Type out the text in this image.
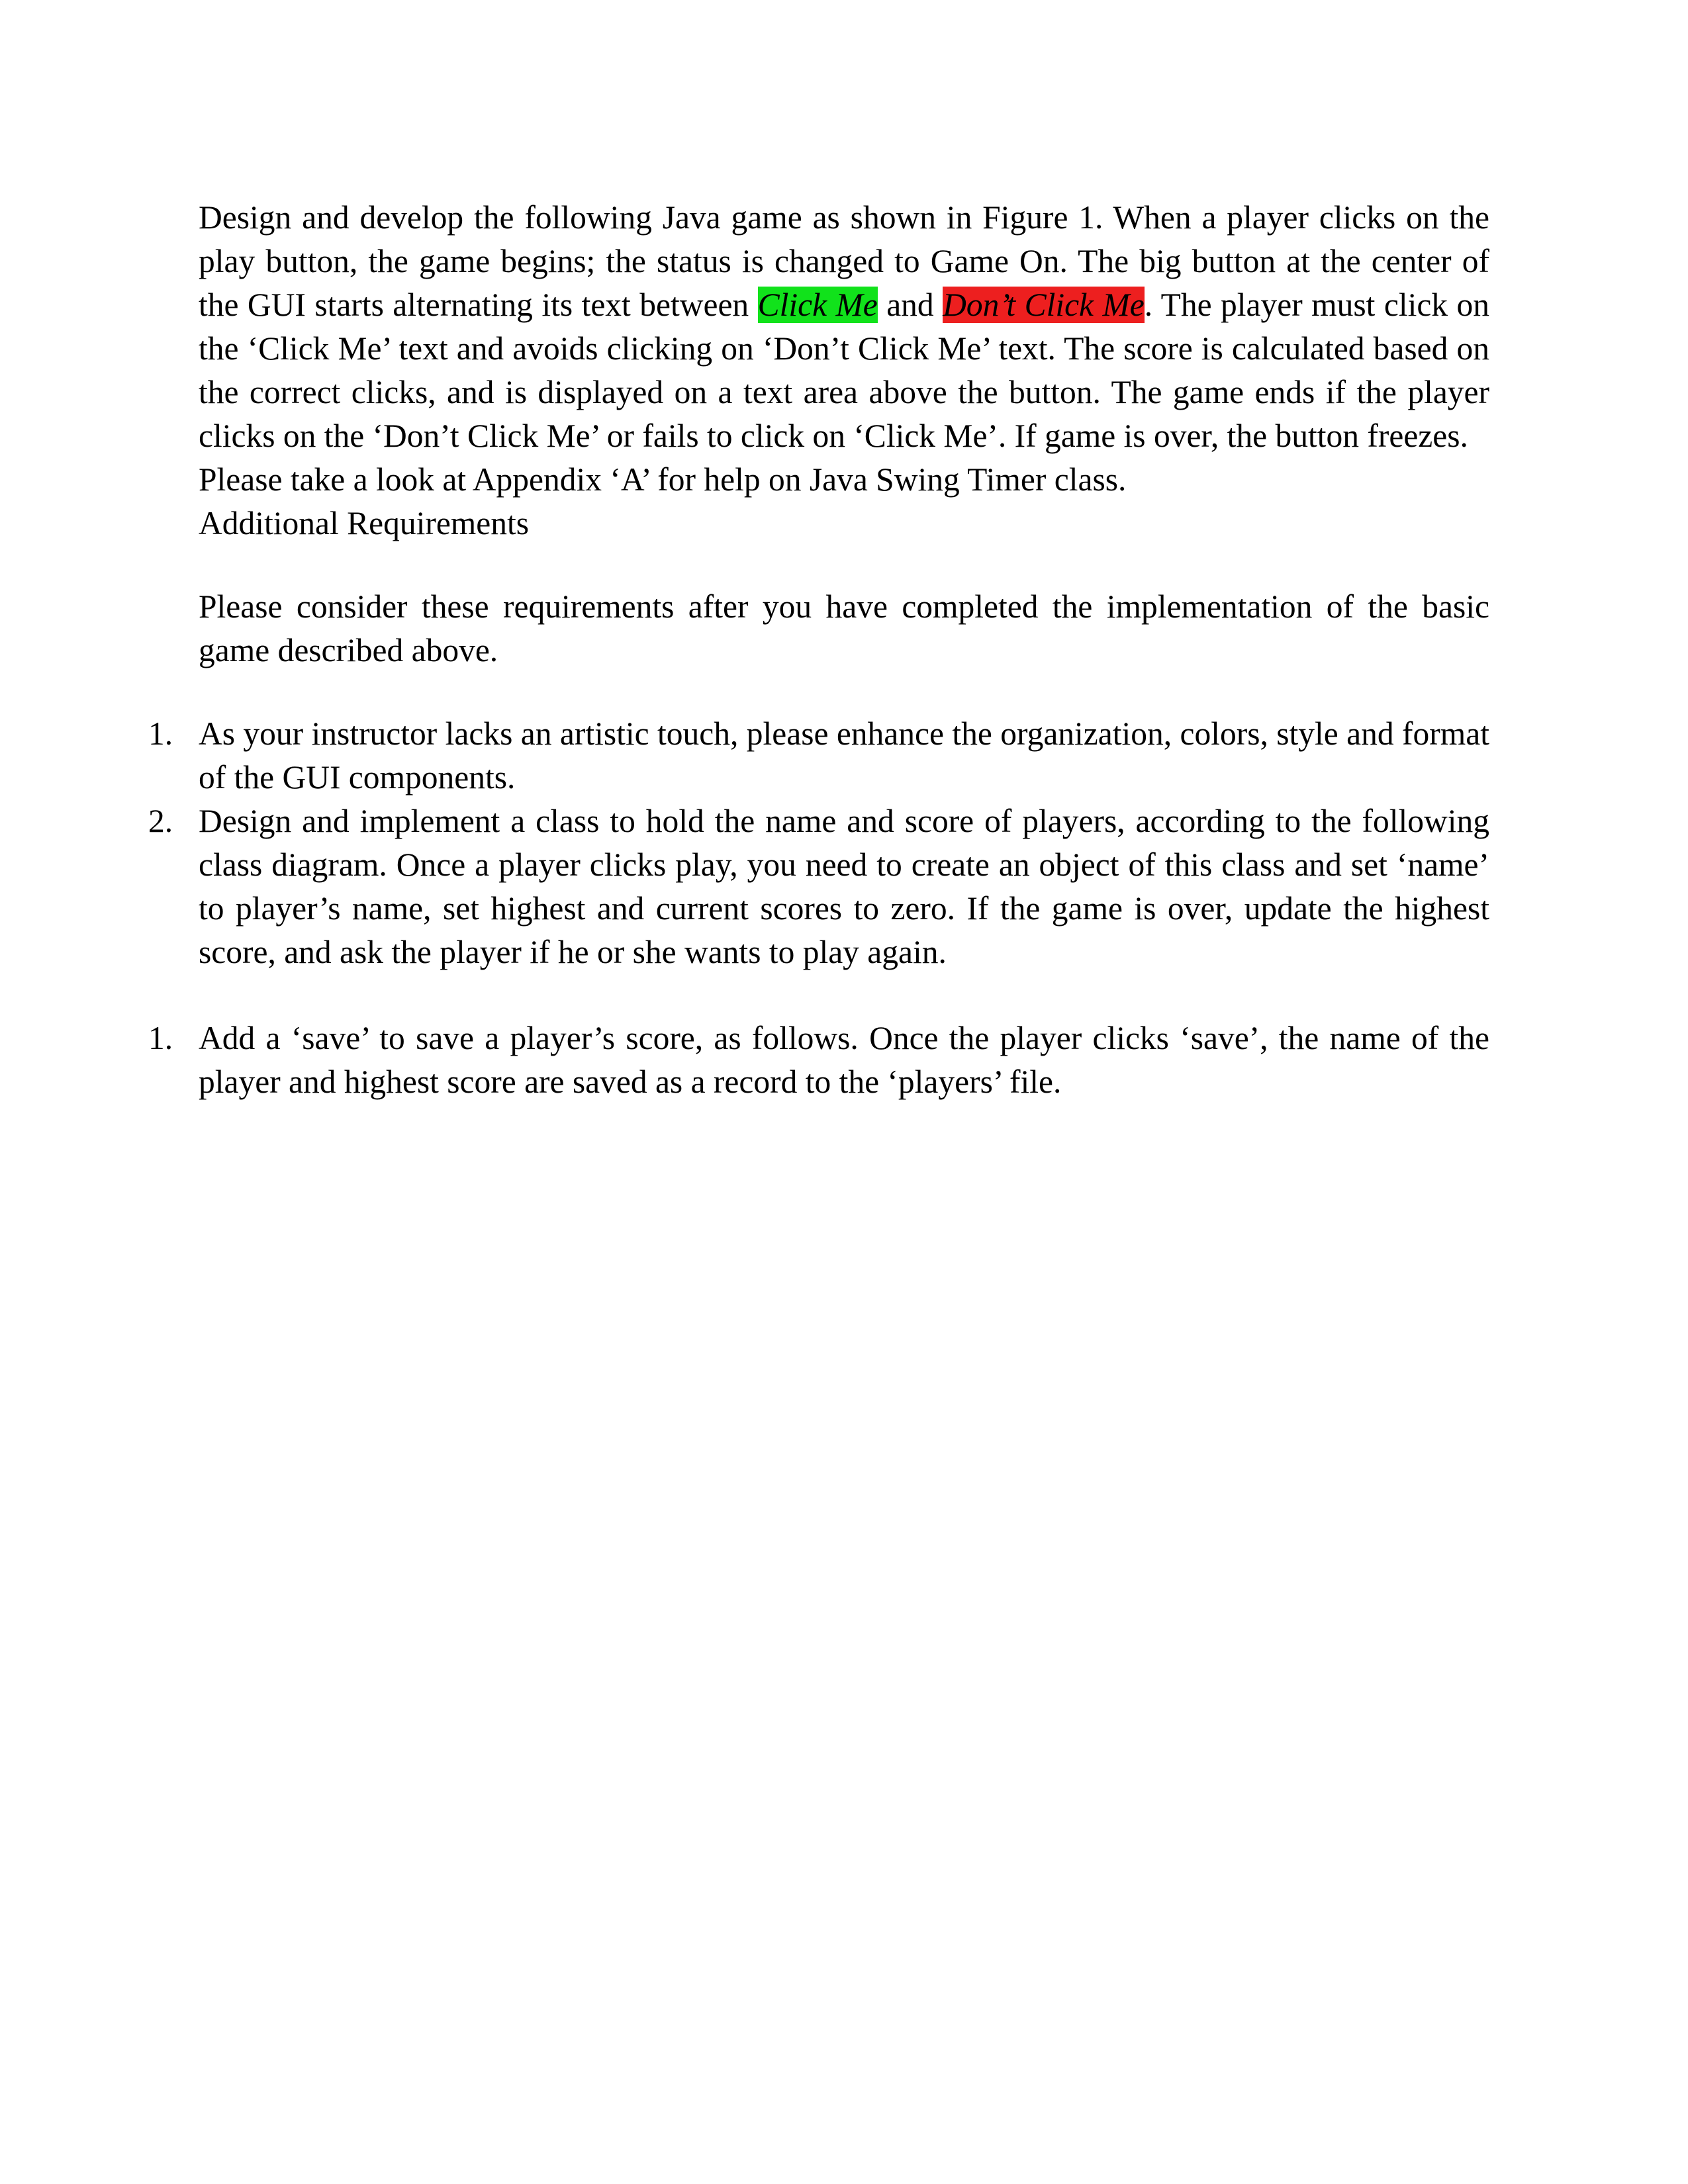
Design and develop the following Java game as shown in Figure 1. When a player clicks on the play button, the game begins; the status is changed to Game On. The big button at the center of the GUI starts alternating its text between Click Me and Don’t Click Me. The player must click on the ‘Click Me’ text and avoids clicking on ‘Don’t Click Me’ text. The score is calculated based on the correct clicks, and is displayed on a text area above the button. The game ends if the player clicks on the ‘Don’t Click Me’ or fails to click on ‘Click Me’. If game is over, the button freezes.

Please take a look at Appendix ‘A’ for help on Java Swing Timer class.

Additional Requirements

Please consider these requirements after you have completed the implementation of the basic game described above.

1. As your instructor lacks an artistic touch, please enhance the organization, colors, style and format of the GUI components.
2. Design and implement a class to hold the name and score of players, according to the following class diagram. Once a player clicks play, you need to create an object of this class and set ‘name’ to player’s name, set highest and current scores to zero. If the game is over, update the highest score, and ask the player if he or she wants to play again.
1. Add a ‘save’ to save a player’s score, as follows. Once the player clicks ‘save’, the name of the player and highest score are saved as a record to the ‘players’ file.
